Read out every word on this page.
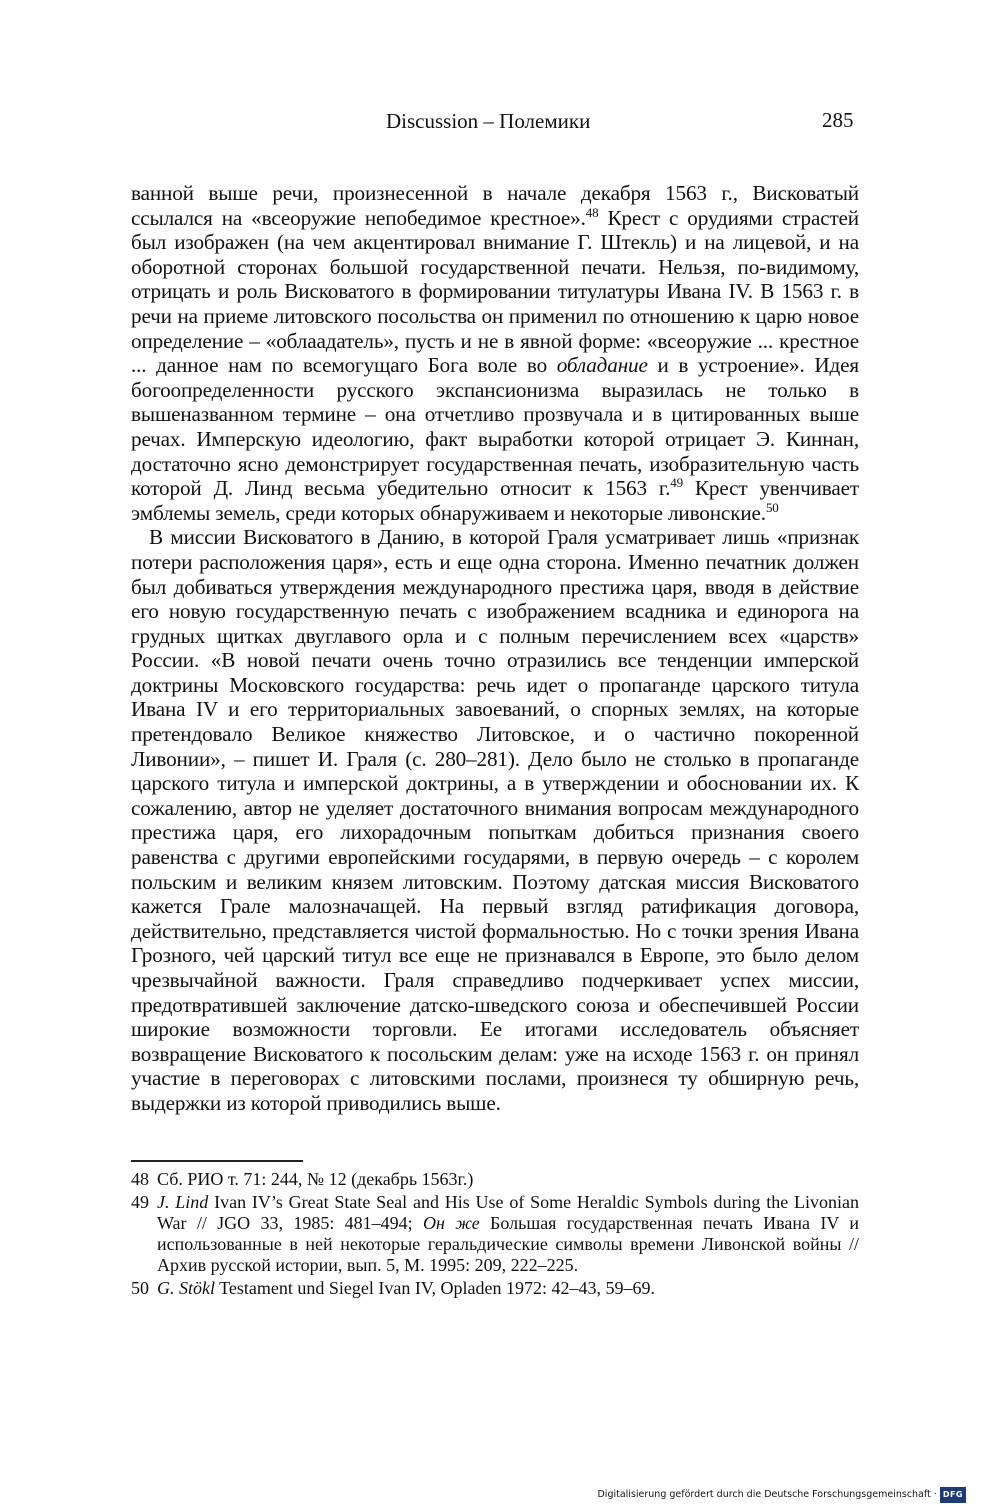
Discussion – Полемики	285

ванной выше речи, произнесенной в начале декабря 1563 г., Висковатый ссылался на «всеоружие непобедимое крестное».$^{48}$ Крест с орудиями страстей был изображен (на чем акцентировал внимание Г. Штекль) и на лицевой, и на оборотной сторонах большой государственной печати. Нельзя, по-видимому, отрицать и роль Висковатого в формировании титулатуры Ивана IV. В 1563 г. в речи на приеме литовского посольства он применил по отношению к царю новое определение – «облаадатель», пусть и не в явной форме: «всеоружие ... крестное ... данное нам по всемогущаго Бога воле во обладание и в устроение». Идея богоопределенности русского экспансионизма выразилась не только в вышеназванном термине – она отчетливо прозвучала и в цитированных выше речах. Имперскую идеологию, факт выработки которой отрицает Э. Киннан, достаточно ясно демонстрирует государственная печать, изобразительную часть которой Д. Линд весьма убедительно относит к 1563 г.$^{49}$ Крест увенчивает эмблемы земель, среди которых обнаруживаем и некоторые ливонские.$^{50}$

В миссии Висковатого в Данию, в которой Граля усматривает лишь «признак потери расположения царя», есть и еще одна сторона. Именно печатник должен был добиваться утверждения международного престижа царя, вводя в действие его новую государственную печать с изображением всадника и единорога на грудных щитках двуглавого орла и с полным перечислением всех «царств» России. «В новой печати очень точно отразились все тенденции имперской доктрины Московского государства: речь идет о пропаганде царского титула Ивана IV и его территориальных завоеваний, о спорных землях, на которые претендовало Великое княжество Литовское, и о частично покоренной Ливонии», – пишет И. Граля (с. 280–281). Дело было не столько в пропаганде царского титула и имперской доктрины, а в утверждении и обосновании их. К сожалению, автор не уделяет достаточного внимания вопросам международного престижа царя, его лихорадочным попыткам добиться признания своего равенства с другими европейскими государями, в первую очередь – с королем польским и великим князем литовским. Поэтому датская миссия Висковатого кажется Грале малозначащей. На первый взгляд ратификация договора, действительно, представляется чистой формальностью. Но с точки зрения Ивана Грозного, чей царский титул все еще не признавался в Европе, это было делом чрезвычайной важности. Граля справедливо подчеркивает успех миссии, предотвратившей заключение датско-шведского союза и обеспечившей России широкие возможности торговли. Ее итогами исследователь объясняет возвращение Висковатого к посольским делам: уже на исходе 1563 г. он принял участие в переговорах с литовскими послами, произнеся ту обширную речь, выдержки из которой приводились выше.

48 Сб. РИО т. 71: 244, № 12 (декабрь 1563г.)
49 J. Lind Ivan IV’s Great State Seal and His Use of Some Heraldic Symbols during the Livonian War // JGO 33, 1985: 481–494; Он же Большая государственная печать Ивана IV и использованные в ней некоторые геральдические символы времени Ливонской войны // Архив русской истории, вып. 5, М. 1995: 209, 222–225.
50 G. Stökl Testament und Siegel Ivan IV, Opladen 1972: 42–43, 59–69.
Digitalisierung gefördert durch die Deutsche Forschungsgemeinschaft · DFG
